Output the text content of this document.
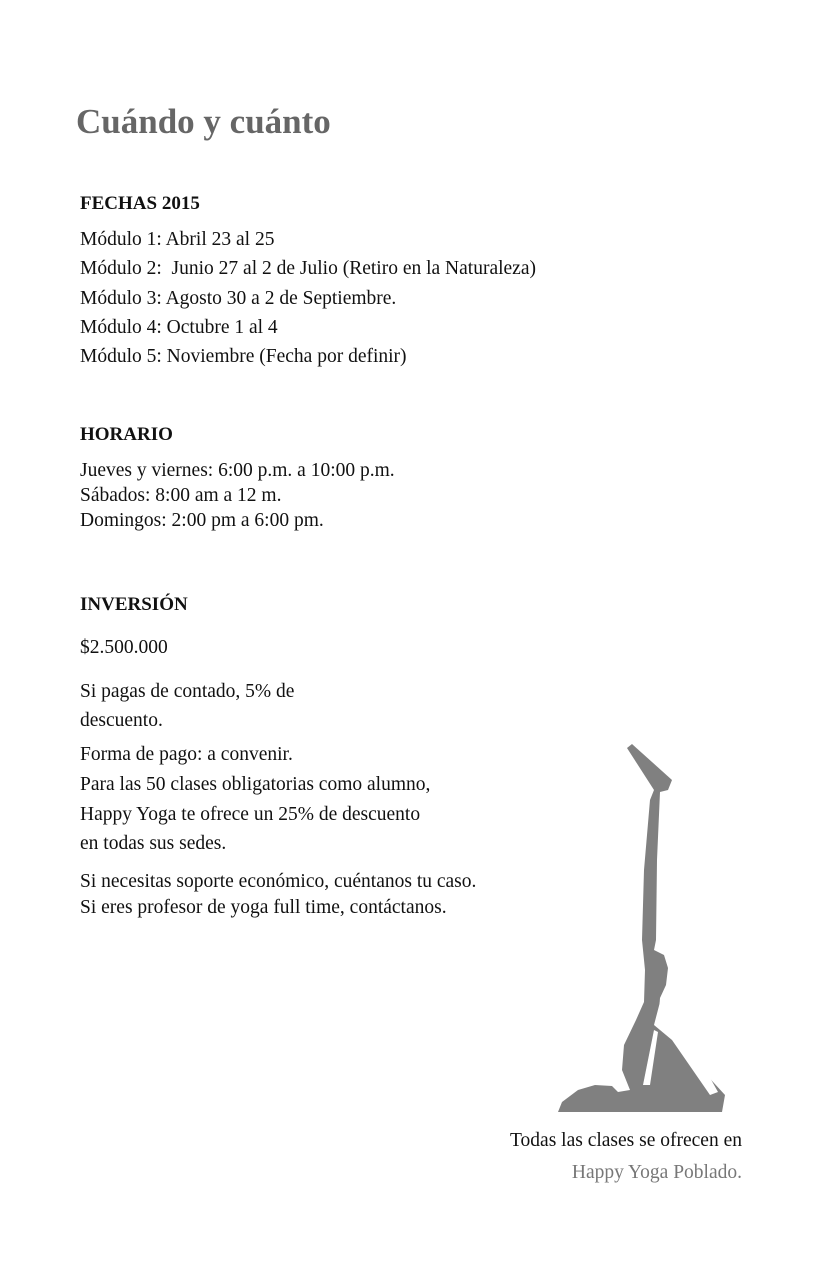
Cuándo y cuánto
FECHAS 2015
Módulo 1: Abril 23 al 25
Módulo 2:  Junio 27 al 2 de Julio (Retiro en la Naturaleza)
Módulo 3: Agosto 30 a 2 de Septiembre.
Módulo 4: Octubre 1 al 4
Módulo 5: Noviembre (Fecha por definir)
HORARIO
Jueves y viernes: 6:00 p.m. a 10:00 p.m.
Sábados: 8:00 am a 12 m.
Domingos: 2:00 pm a 6:00 pm.
INVERSIÓN
$2.500.000
Si pagas de contado, 5% de
descuento.
Forma de pago: a convenir.
Para las 50 clases obligatorias como alumno,
Happy Yoga te ofrece un 25% de descuento
en todas sus sedes.
Si necesitas soporte económico, cuéntanos tu caso.
Si eres profesor de yoga full time, contáctanos.
Todas las clases se ofrecen en
Happy Yoga Poblado.
